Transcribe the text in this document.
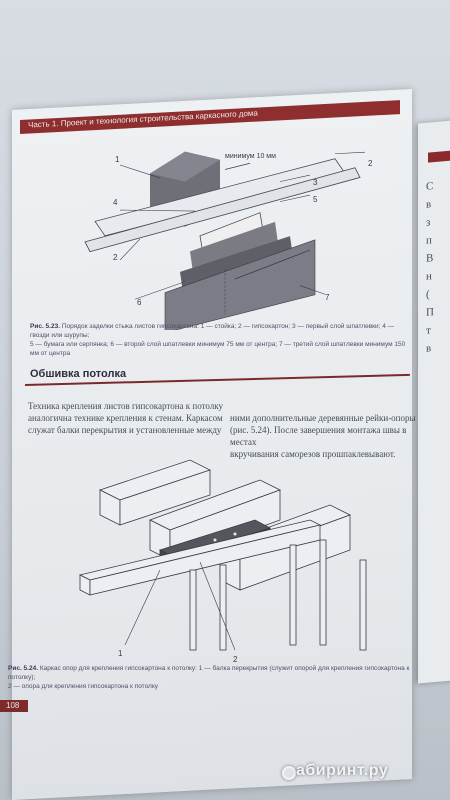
С
в
з
п
В
н
(
П
т
в
Часть 1. Проект и технология строительства каркасного дома
минимум 10 мм
1	2
3
4	5
6
2
7
Рис. 5.23. Порядок заделки стыка листов гипсокартона: 1 — стойка; 2 — гипсокартон; 3 — первый слой шпатлевки; 4 — гвозди или шурупы;
5 — бумага или серпянка; 6 — второй слой шпатлевки минимум 75 мм от центра; 7 — третий слой шпатлевки минимум 150 мм от центра
Обшивка потолка
Техника крепления листов гипсокартона к потолку
аналогична технике крепления к стенам. Каркасом
служат балки перекрытия и установленные между
ними дополнительные деревянные рейки-опоры
(рис. 5.24). После завершения монтажа швы в местах
вкручивания саморезов прошпаклевывают.
1
2
Рис. 5.24. Каркас опор для крепления гипсокартона к потолку: 1 — балка перекрытия (служит опорой для крепления гипсокартона к потолку);
2 — опора для крепления гипсокартона к потолку
108
абиринт.ру
